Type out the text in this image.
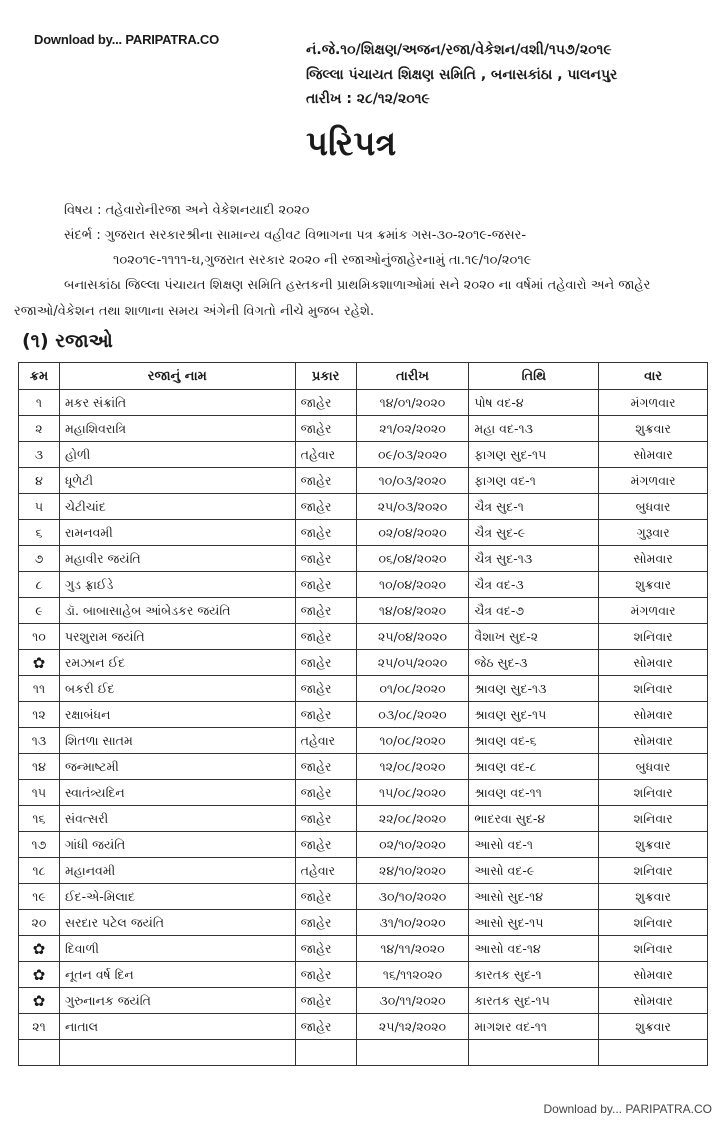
Download by... PARIPATRA.CO
નં.જે.૧૦/શિક્ષણ/અજન/રજા/વેકેશન/વશી/૧૫૭/૨૦૧૯
જિલ્લા પંચાયત શિક્ષણ સમિતિ , બનાસકાંઠા , પાલનપુર
તારીખ : ૨૮/૧૨/૨૦૧૯
પરિપત્ર
વિષય : તહેવારોનીરજા અને વેકેશનયાદી ૨૦૨૦
સંદર્ભ : ગુજરાત સરકારશ્રીના સામાન્ય વહીવટ વિભાગના પત્ર ક્રમાંક ગસ-૩૦-૨૦૧૯-જસર-
૧૦૨૦૧૯-૧૧૧૧-ઘ,ગુજરાત સરકાર ૨૦૨૦ ની રજાઓનુંજાહેરનામું તા.૧૯/૧૦/૨૦૧૯
બનાસકાંઠા જિલ્લા પંચાયત શિક્ષણ સમિતિ હસ્તકની પ્રાથમિકશાળાઓમાં સને ૨૦૨૦ ના વર્ષમાં તહેવારો અને જાહેર
રજાઓ/વેકેશન તથા શાળાના સમય અંગેની વિગતો નીચે મુજબ રહેશે.
(૧) રજાઓ
ક્રમ	રજાનું નામ	પ્રકાર	તારીખ	તિથિ	વાર
૧	મકર સંક્રાંતિ	જાહેર	૧૪/૦૧/૨૦૨૦	પોષ વદ-૪	મંગળવાર
૨	મહાશિવરાત્રિ	જાહેર	૨૧/૦૨/૨૦૨૦	મહા વદ-૧૩	શુક્રવાર
૩	હોળી	તહેવાર	૦૯/૦૩/૨૦૨૦	ફાગણ સુદ-૧૫	સોમવાર
૪	ધૂળેટી	જાહેર	૧૦/૦૩/૨૦૨૦	ફાગણ વદ-૧	મંગળવાર
૫	ચેટીચાંદ	જાહેર	૨૫/૦૩/૨૦૨૦	ચૈત્ર સુદ-૧	બુધવાર
૬	રામનવમી	જાહેર	૦૨/૦૪/૨૦૨૦	ચૈત્ર સુદ-૯	ગુરૂવાર
૭	મહાવીર જયંતિ	જાહેર	૦૬/૦૪/૨૦૨૦	ચૈત્ર સુદ-૧૩	સોમવાર
૮	ગુડ ફ્રાઈડે	જાહેર	૧૦/૦૪/૨૦૨૦	ચૈત્ર વદ-૩	શુક્રવાર
૯	ડૉ. બાબાસાહેબ આંબેડકર જયંતિ	જાહેર	૧૪/૦૪/૨૦૨૦	ચૈત્ર વદ-૭	મંગળવાર
૧૦	પરશુરામ જયંતિ	જાહેર	૨૫/૦૪/૨૦૨૦	વૈશાખ સુદ-૨	શનિવાર
✿	રમઝાન ઈદ	જાહેર	૨૫/૦૫/૨૦૨૦	જેઠ સુદ-૩	સોમવાર
૧૧	બકરી ઈદ	જાહેર	૦૧/૦૮/૨૦૨૦	શ્રાવણ સુદ-૧૩	શનિવાર
૧૨	રક્ષાબંધન	જાહેર	૦૩/૦૮/૨૦૨૦	શ્રાવણ સુદ-૧૫	સોમવાર
૧૩	શિતળા સાતમ	તહેવાર	૧૦/૦૮/૨૦૨૦	શ્રાવણ વદ-૬	સોમવાર
૧૪	જન્માષ્ટમી	જાહેર	૧૨/૦૮/૨૦૨૦	શ્રાવણ વદ-૮	બુધવાર
૧૫	સ્વાતંત્ર્યદિન	જાહેર	૧૫/૦૮/૨૦૨૦	શ્રાવણ વદ-૧૧	શનિવાર
૧૬	સંવત્સરી	જાહેર	૨૨/૦૮/૨૦૨૦	ભાદરવા સુદ-૪	શનિવાર
૧૭	ગાંધી જયંતિ	જાહેર	૦૨/૧૦/૨૦૨૦	આસો વદ-૧	શુક્રવાર
૧૮	મહાનવમી	તહેવાર	૨૪/૧૦/૨૦૨૦	આસો વદ-૯	શનિવાર
૧૯	ઈદ-એ-મિલાદ	જાહેર	૩૦/૧૦/૨૦૨૦	આસો સુદ-૧૪	શુક્રવાર
૨૦	સરદાર પટેલ જયંતિ	જાહેર	૩૧/૧૦/૨૦૨૦	આસો સુદ-૧૫	શનિવાર
✿	દિવાળી	જાહેર	૧૪/૧૧/૨૦૨૦	આસો વદ-૧૪	શનિવાર
✿	નૂતન વર્ષ દિન	જાહેર	૧૬/૧૧૨૦૨૦	કારતક સુદ-૧	સોમવાર
✿	ગુરુનાનક જયંતિ	જાહેર	૩૦/૧૧/૨૦૨૦	કારતક સુદ-૧૫	સોમવાર
૨૧	નાતાલ	જાહેર	૨૫/૧૨/૨૦૨૦	માગશર વદ-૧૧	શુક્રવાર

Download by... PARIPATRA.CO
